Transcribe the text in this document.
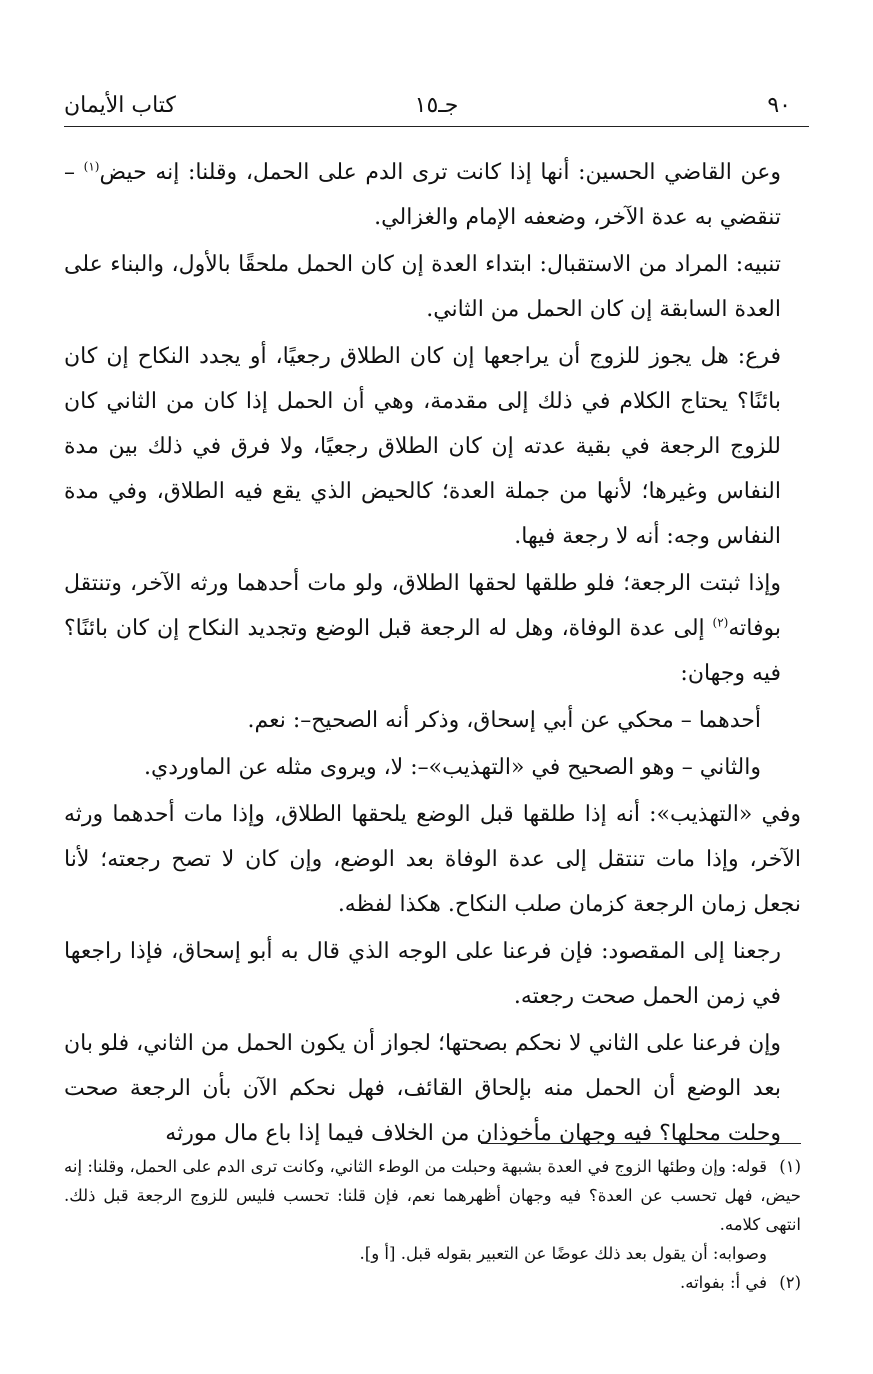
٩٠
جـ١٥
كتاب الأيمان

وعن القاضي الحسين: أنها إذا كانت ترى الدم على الحمل، وقلنا: إنه حيض$^{(١)}$ – تنقضي به عدة الآخر، وضعفه الإمام والغزالي.

تنبيه: المراد من الاستقبال: ابتداء العدة إن كان الحمل ملحقًا بالأول، والبناء على العدة السابقة إن كان الحمل من الثاني.

فرع: هل يجوز للزوج أن يراجعها إن كان الطلاق رجعيًا، أو يجدد النكاح إن كان بائنًا؟ يحتاج الكلام في ذلك إلى مقدمة، وهي أن الحمل إذا كان من الثاني كان للزوج الرجعة في بقية عدته إن كان الطلاق رجعيًا، ولا فرق في ذلك بين مدة النفاس وغيرها؛ لأنها من جملة العدة؛ كالحيض الذي يقع فيه الطلاق، وفي مدة النفاس وجه: أنه لا رجعة فيها.

وإذا ثبتت الرجعة؛ فلو طلقها لحقها الطلاق، ولو مات أحدهما ورثه الآخر، وتنتقل بوفاته$^{(٢)}$ إلى عدة الوفاة، وهل له الرجعة قبل الوضع وتجديد النكاح إن كان بائنًا؟ فيه وجهان:

أحدهما – محكي عن أبي إسحاق، وذكر أنه الصحيح–: نعم.

والثاني – وهو الصحيح في «التهذيب»–: لا، ويروى مثله عن الماوردي.

وفي «التهذيب»: أنه إذا طلقها قبل الوضع يلحقها الطلاق، وإذا مات أحدهما ورثه الآخر، وإذا مات تنتقل إلى عدة الوفاة بعد الوضع، وإن كان لا تصح رجعته؛ لأنا نجعل زمان الرجعة كزمان صلب النكاح. هكذا لفظه.

رجعنا إلى المقصود: فإن فرعنا على الوجه الذي قال به أبو إسحاق، فإذا راجعها في زمن الحمل صحت رجعته.

وإن فرعنا على الثاني لا نحكم بصحتها؛ لجواز أن يكون الحمل من الثاني، فلو بان بعد الوضع أن الحمل منه بإلحاق القائف، فهل نحكم الآن بأن الرجعة صحت وحلت محلها؟ فيه وجهان مأخوذان من الخلاف فيما إذا باع مال مورثه

(١)قوله: وإن وطئها الزوج في العدة بشبهة وحبلت من الوطء الثاني، وكانت ترى الدم على الحمل، وقلنا: إنه حيض، فهل تحسب عن العدة؟ فيه وجهان أظهرهما نعم، فإن قلنا: تحسب فليس للزوج الرجعة قبل ذلك. انتهى كلامه.

وصوابه: أن يقول بعد ذلك عوضًا عن التعبير بقوله قبل. [أ و].

(٢)في أ: بفواته.
